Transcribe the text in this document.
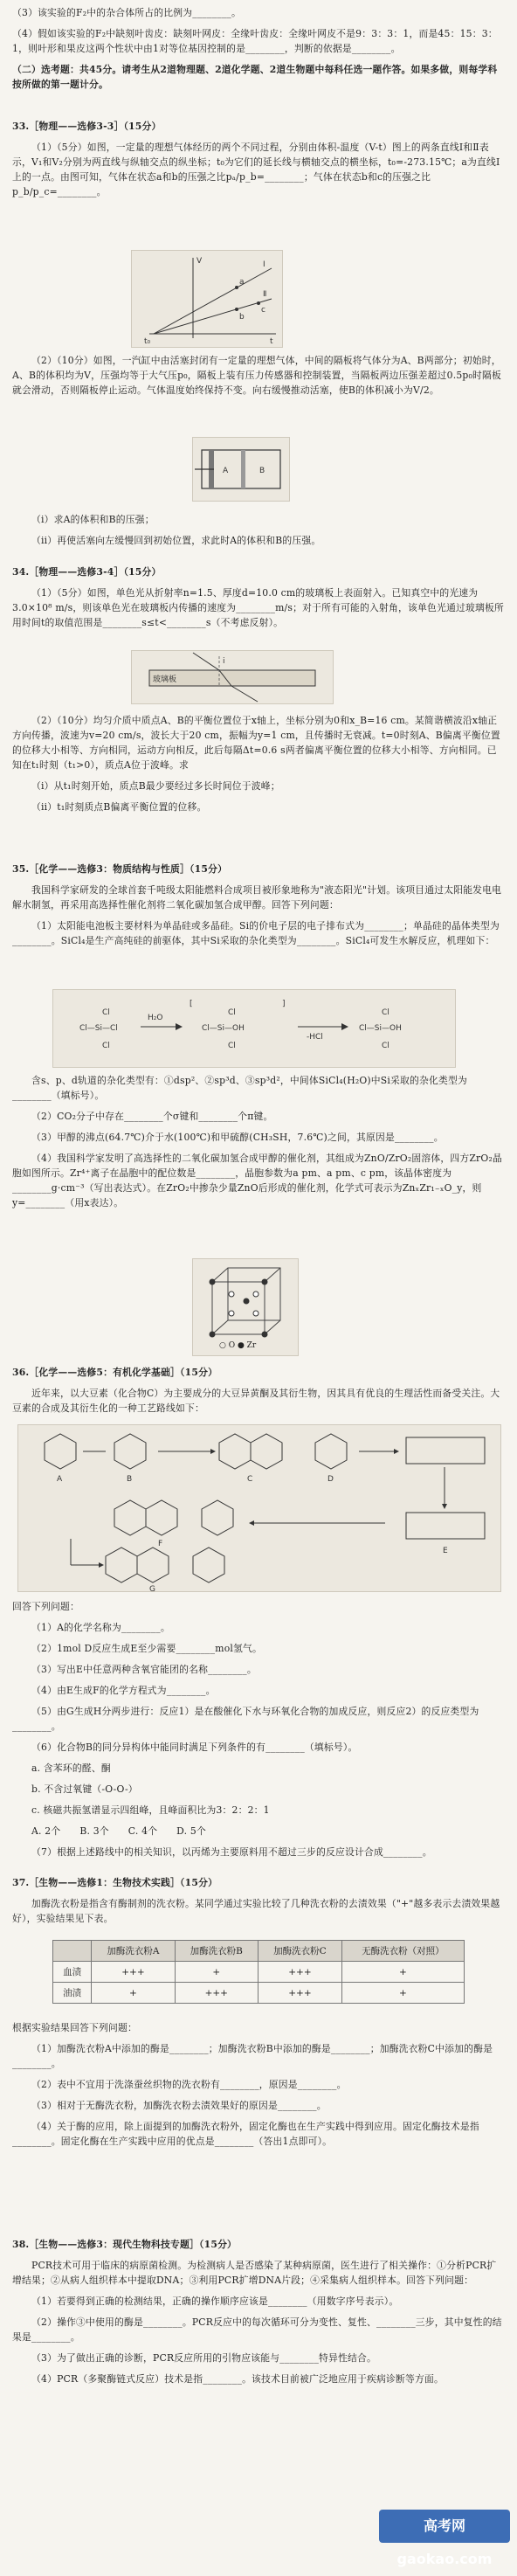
（3）该实验的F₂中的杂合体所占的比例为________。

（4）假如该实验的F₂中缺刻叶齿皮：缺刻叶网皮：全缘叶齿皮：全缘叶网皮不是9：3：3：1，而是45：15：3：1，则叶形和果皮这两个性状中由1对等位基因控制的是________，判断的依据是________。

（二）选考题：共45分。请考生从2道物理题、2道化学题、2道生物题中每科任选一题作答。如果多做，则每学科按所做的第一题计分。

33.［物理——选修3-3］（15分）

（1）（5分）如图，一定量的理想气体经历的两个不同过程，分别由体积-温度（V-t）图上的两条直线Ⅰ和Ⅱ表示，V₁和V₂分别为两直线与纵轴交点的纵坐标；t₀为它们的延长线与横轴交点的横坐标，t₀=-273.15℃；a为直线Ⅰ上的一点。由图可知，气体在状态a和b的压强之比pₐ/p_b=________；气体在状态b和c的压强之比p_b/p_c=________。

V
t
t₀
Ⅰ
Ⅱ
a
b
c

（2）（10分）如图，一汽缸中由活塞封闭有一定量的理想气体，中间的隔板将气体分为A、B两部分；初始时，A、B的体积均为V，压强均等于大气压p₀，隔板上装有压力传感器和控制装置，当隔板两边压强差超过0.5p₀时隔板就会滑动，否则隔板停止运动。气体温度始终保持不变。向右缓慢推动活塞，使B的体积减小为V/2。

A	B

（i）求A的体积和B的压强；

（ii）再使活塞向左缓慢回到初始位置，求此时A的体积和B的压强。

34.［物理——选修3-4］（15分）

（1）（5分）如图，单色光从折射率n=1.5、厚度d=10.0 cm的玻璃板上表面射入。已知真空中的光速为3.0×10⁸ m/s，则该单色光在玻璃板内传播的速度为________m/s；对于所有可能的入射角，该单色光通过玻璃板所用时间t的取值范围是________s≤t<________s（不考虑反射）。

i
玻璃板

（2）（10分）均匀介质中质点A、B的平衡位置位于x轴上，坐标分别为0和x_B=16 cm。某简谐横波沿x轴正方向传播，波速为v=20 cm/s，波长大于20 cm，振幅为y=1 cm，且传播时无衰减。t=0时刻A、B偏离平衡位置的位移大小相等、方向相同，运动方向相反，此后每隔Δt=0.6 s两者偏离平衡位置的位移大小相等、方向相同。已知在t₁时刻（t₁>0），质点A位于波峰。求

（i）从t₁时刻开始，质点B最少要经过多长时间位于波峰；

（ii）t₁时刻质点B偏离平衡位置的位移。

35.［化学——选修3：物质结构与性质］（15分）

我国科学家研发的全球首套千吨级太阳能燃料合成项目被形象地称为"液态阳光"计划。该项目通过太阳能发电电解水制氢，再采用高选择性催化剂将二氧化碳加氢合成甲醇。回答下列问题：

（1）太阳能电池板主要材料为单晶硅或多晶硅。Si的价电子层的电子排布式为________；单晶硅的晶体类型为________。SiCl₄是生产高纯硅的前驱体，其中Si采取的杂化类型为________。SiCl₄可发生水解反应，机理如下：

Cl—Si—Cl
Cl
Cl
H₂O
[
Cl—Si—OH
Cl
Cl
]
-HCl
Cl—Si—OH
Cl
Cl

含s、p、d轨道的杂化类型有：①dsp²、②sp³d、③sp³d²，中间体SiCl₄(H₂O)中Si采取的杂化类型为________（填标号）。

（2）CO₂分子中存在________个σ键和________个π键。

（3）甲醇的沸点(64.7℃)介于水(100℃)和甲硫醇(CH₃SH，7.6℃)之间，其原因是________。

（4）我国科学家发明了高选择性的二氧化碳加氢合成甲醇的催化剂，其组成为ZnO/ZrO₂固溶体，四方ZrO₂晶胞如图所示。Zr⁴⁺离子在晶胞中的配位数是________，晶胞参数为a pm、a pm、c pm，该晶体密度为________g·cm⁻³（写出表达式）。在ZrO₂中掺杂少量ZnO后形成的催化剂，化学式可表示为ZnₓZr₁₋ₓO_y，则y=________（用x表达）。

○ O ● Zr

36.［化学——选修5：有机化学基础］（15分）

近年来，以大豆素（化合物C）为主要成分的大豆异黄酮及其衍生物，因其具有优良的生理活性而备受关注。大豆素的合成及其衍生化的一种工艺路线如下：

A	B	C	D
E
F
G

回答下列问题：

（1）A的化学名称为________。

（2）1mol D反应生成E至少需要________mol氢气。

（3）写出E中任意两种含氧官能团的名称________。

（4）由E生成F的化学方程式为________。

（5）由G生成H分两步进行：反应1）是在酸催化下水与环氧化合物的加成反应，则反应2）的反应类型为________。

（6）化合物B的同分异构体中能同时满足下列条件的有________（填标号）。

a. 含苯环的醛、酮

b. 不含过氧键（-O-O-）

c. 核磁共振氢谱显示四组峰，且峰面积比为3：2：2：1

A. 2个　　B. 3个　　C. 4个　　D. 5个

（7）根据上述路线中的相关知识，以丙烯为主要原料用不超过三步的反应设计合成________。

37.［生物——选修1：生物技术实践］（15分）

加酶洗衣粉是指含有酶制剂的洗衣粉。某同学通过实验比较了几种洗衣粉的去渍效果（"+"越多表示去渍效果越好），实验结果见下表。

	加酶洗衣粉A	加酶洗衣粉B	加酶洗衣粉C	无酶洗衣粉（对照）
血渍	+++	+	+++	+
油渍	+	+++	+++	+

根据实验结果回答下列问题：

（1）加酶洗衣粉A中添加的酶是________；加酶洗衣粉B中添加的酶是________；加酶洗衣粉C中添加的酶是________。

（2）表中不宜用于洗涤蚕丝织物的洗衣粉有________，原因是________。

（3）相对于无酶洗衣粉，加酶洗衣粉去渍效果好的原因是________。

（4）关于酶的应用，除上面提到的加酶洗衣粉外，固定化酶也在生产实践中得到应用。固定化酶技术是指________。固定化酶在生产实践中应用的优点是________（答出1点即可）。

38.［生物——选修3：现代生物科技专题］（15分）

PCR技术可用于临床的病原菌检测。为检测病人是否感染了某种病原菌，医生进行了相关操作：①分析PCR扩增结果；②从病人组织样本中提取DNA；③利用PCR扩增DNA片段；④采集病人组织样本。回答下列问题：

（1）若要得到正确的检测结果，正确的操作顺序应该是________（用数字序号表示）。

（2）操作③中使用的酶是________。PCR反应中的每次循环可分为变性、复性、________三步，其中复性的结果是________。

（3）为了做出正确的诊断，PCR反应所用的引物应该能与________特异性结合。

（4）PCR（多聚酶链式反应）技术是指________。该技术目前被广泛地应用于疾病诊断等方面。

高考网 gaokao.com
